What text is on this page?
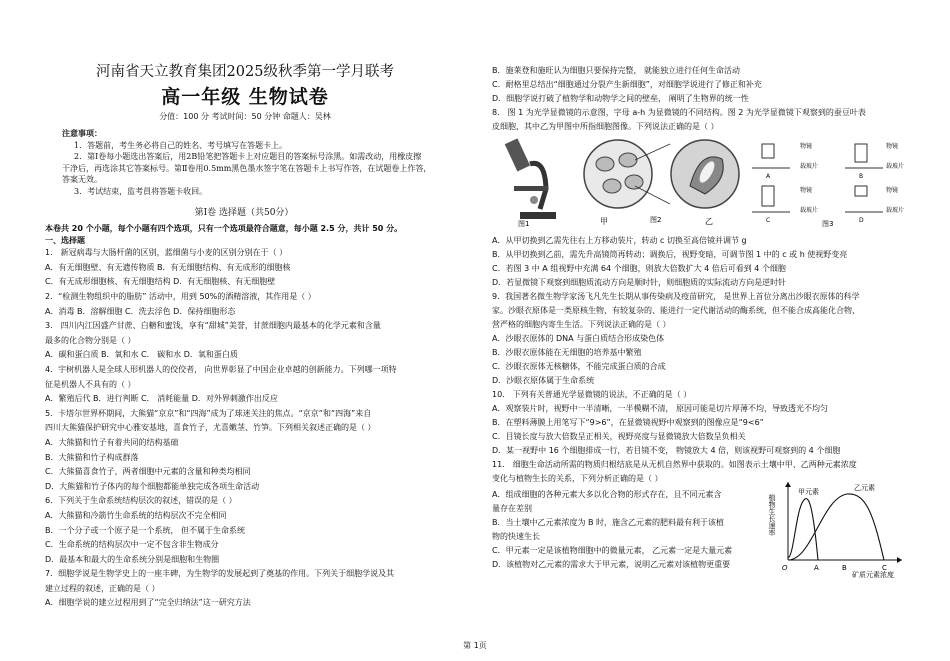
河南省天立教育集团2025级秋季第一学月联考
高一年级 生物试卷
分值：100 分 考试时间：50 分钟 命题人：吴林
注意事项：
1．答题前，考生务必将自己的姓名、考号填写在答题卡上。
2．第Ⅰ卷每小题选出答案后，用2B铅笔把答题卡上对应题目的答案标号涂黑。如需改动，用橡皮擦
干净后，再选涂其它答案标号。第Ⅱ卷用0.5mm黑色墨水签字笔在答题卡上书写作答，在试题卷上作答，
答案无效。
3．考试结束，监考員将答题卡收回。
第Ⅰ卷 选择题（共50分）
本卷共 20 个小题，每个小题有四个选项，只有一个选项最符合题意，每小题 2.5 分，共计 50 分。
一、选择题
1． 新冠病毒与大肠杆菌的区别，蓝细菌与小麦的区别分别在于（ ）
A．有无细胞壁、有无遗传物质 B．有无细胞结构、有无成形的细胞核
C．有无成形细胞核、有无细胞结构 D．有无细胞核、有无细胞壁
2．“检测生物组织中的脂肪” 活动中，用到 50%的酒精溶液，其作用是（ ）
A．消毒 B．溶解细胞 C．洗去浮色 D．保持细胞形态
3． 四川内江因盛产甘蔗、白糖和蜜饯，享有“甜城”美誉，甘蔗细胞内最基本的化学元素和含量
最多的化合物分别是（ ）
A．碳和蛋白质 B．氧和水 C． 碳和水 D．氧和蛋白质
4．宇树机器人是全球人形机器人的佼佼者， 向世界彰显了中国企业卓越的创新能力。下列哪一项特
征是机器人不具有的（ ）
A．繁殖后代 B．进行判断 C． 消耗能量 D．对外界刺激作出反应
5．卡塔尔世界杯期间，大熊猫“京京”和“四海”成为了球迷关注的焦点。“京京”和“四海”来自
四川大熊猫保护研究中心雅安基地，喜食竹子，尤喜嫩茎、竹笋。下列相关叙述正确的是（ ）
A．大熊猫和竹子有着共同的结构基础
B．大熊猫和竹子构成群落
C．大熊猫喜食竹子，两者细胞中元素的含量和种类均相同
D．大熊猫和竹子体内的每个细胞都能单独完成各项生命活动
6．下列关于生命系统结构层次的叙述，错误的是（ ）
A．大熊猫和冷箭竹生命系统的结构层次不完全相同
B．一个分子或一个原子是一个系统， 但不属于生命系统
C．生命系统的结构层次中一定不包含非生物成分
D．最基本和最大的生命系统分别是细胞和生物圈
7．细胞学说是生物学史上的一座丰碑，为生物学的发展起到了奠基的作用。下列关于细胞学说及其
建立过程的叙述，正确的是（ ）
A．细胞学说的建立过程用到了“完全归纳法”这一研究方法
B．施莱登和施旺认为细胞只要保持完整， 就能独立进行任何生命活动
C．耐格里总结出“细胞通过分裂产生新细胞”，对细胞学说进行了修正和补充
D．细胞学说打破了植物学和动物学之间的壁垒， 阐明了生物界的统一性
8． 图 1 为光学显微镜的示意图，字母 a-h 为显微镜的不同结构。图 2 为光学显微镜下观察到的蚕豆叶表
皮细胞，其中乙为甲图中所指细胞图像。下列说法正确的是（ ）
图1	甲	图2	乙
物镜
载玻片
A
物镜
载玻片
B
物镜
载玻片
C
物镜
载玻片
D
图3
A．从甲切换到乙需先往右上方移动装片，转动 c 切换至高倍镜并调节 g
B．从甲切换到乙前，需先升高镜筒再转动；调换后，视野变暗，可调节图 1 中的 c 或 h 使视野变亮
C．若图 3 中 A 组视野中充满 64 个细胞，则放大倍数扩大 4 倍后可看到 4 个细胞
D．若显微镜下观察到细胞质流动方向是顺时针，则细胞质的实际流动方向是逆时针
9．我国著名微生物学家汤飞凡先生长期从事传染病及疫苗研究， 是世界上首位分离出沙眼衣原体的科学
家。沙眼衣原体是一类原核生物，有较复杂的、能进行一定代谢活动的酶系统，但不能合成高能化合物，
营严格的细胞内寄生生活。下列说法正确的是（ ）
A．沙眼衣原体的 DNA 与蛋白质结合形成染色体
B．沙眼衣原体能在无细胞的培养基中繁殖
C．沙眼衣原体无核糖体，不能完成蛋白质的合成
D．沙眼衣原体属于生命系统
10． 下列有关普通光学显微镜的说法，不正确的是（ ）
A．观察装片时，视野中一半清晰，一半模糊不清， 原因可能是切片厚薄不均，导致透光不均匀
B．在塑料薄膜上用笔写下“9>6”，在显微镜视野中观察到的图像应是“9<6”
C．目镜长度与放大倍数呈正相关，视野亮度与显微镜放大倍数呈负相关
D．某一视野中 16 个细胞排成一行，若目镜不变， 物镜放大 4 倍，则该视野可观察到的 4 个细胞
11． 细胞生命活动所需的物质归根结底是从无机自然界中获取的。如图表示土壤中甲、乙两种元素浓度
变化与植物生长的关系，下列分析正确的是（ ）
A．组成细胞的各种元素大多以化合物的形式存在，且不同元素含
量存在差别
B．当土壤中乙元素浓度为 B 时，施含乙元素的肥料最有利于该植
物的快速生长
C．甲元素一定是该植物细胞中的微量元素， 乙元素一定是大量元素
D．该植物对乙元素的需求大于甲元素，说明乙元素对该植物更重要
植物生长速率
甲元素	乙元素
O	A	B	C
矿质元素浓度
第 1页
